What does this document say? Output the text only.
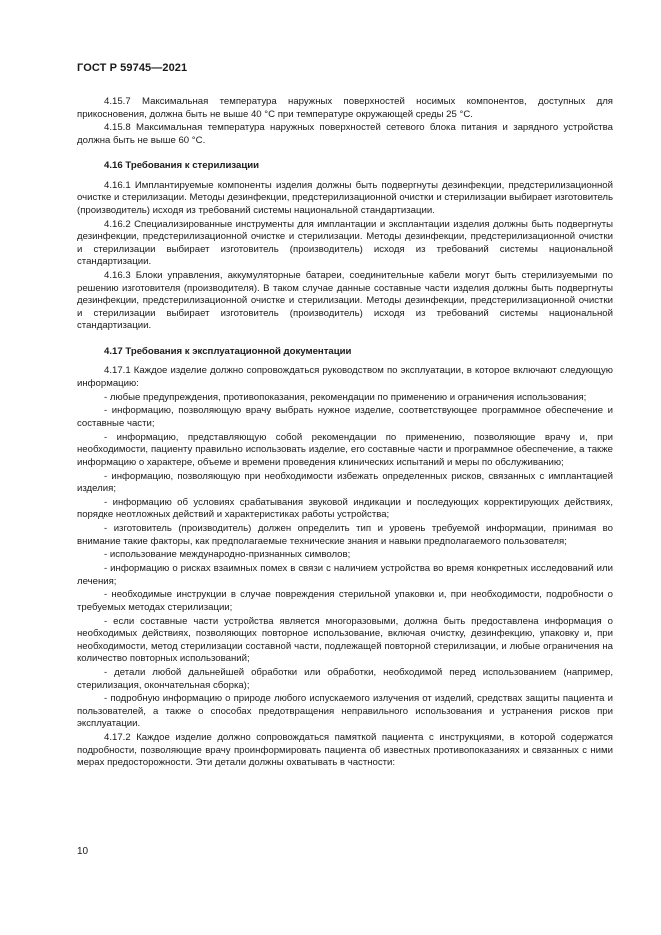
ГОСТ Р 59745—2021

4.15.7 Максимальная температура наружных поверхностей носимых компонентов, доступных для прикосновения, должна быть не выше 40 °С при температуре окружающей среды 25 °С.

4.15.8 Максимальная температура наружных поверхностей сетевого блока питания и зарядного устройства должна быть не выше 60 °С.

4.16 Требования к стерилизации

4.16.1 Имплантируемые компоненты изделия должны быть подвергнуты дезинфекции, предстерилизационной очистке и стерилизации. Методы дезинфекции, предстерилизационной очистки и стерилизации выбирает изготовитель (производитель) исходя из требований системы национальной стандартизации.

4.16.2 Специализированные инструменты для имплантации и эксплантации изделия должны быть подвергнуты дезинфекции, предстерилизационной очистке и стерилизации. Методы дезинфекции, предстерилизационной очистки и стерилизации выбирает изготовитель (производитель) исходя из требований системы национальной стандартизации.

4.16.3 Блоки управления, аккумуляторные батареи, соединительные кабели могут быть стерилизуемыми по решению изготовителя (производителя). В таком случае данные составные части изделия должны быть подвергнуты дезинфекции, предстерилизационной очистке и стерилизации. Методы дезинфекции, предстерилизационной очистки и стерилизации выбирает изготовитель (производитель) исходя из требований системы национальной стандартизации.

4.17 Требования к эксплуатационной документации

4.17.1 Каждое изделие должно сопровождаться руководством по эксплуатации, в которое включают следующую информацию:

- любые предупреждения, противопоказания, рекомендации по применению и ограничения использования;

- информацию, позволяющую врачу выбрать нужное изделие, соответствующее программное обеспечение и составные части;

- информацию, представляющую собой рекомендации по применению, позволяющие врачу и, при необходимости, пациенту правильно использовать изделие, его составные части и программное обеспечение, а также информацию о характере, объеме и времени проведения клинических испытаний и меры по обслуживанию;

- информацию, позволяющую при необходимости избежать определенных рисков, связанных с имплантацией изделия;

- информацию об условиях срабатывания звуковой индикации и последующих корректирующих действиях, порядке неотложных действий и характеристиках работы устройства;

- изготовитель (производитель) должен определить тип и уровень требуемой информации, принимая во внимание такие факторы, как предполагаемые технические знания и навыки предполагаемого пользователя;

- использование международно-признанных символов;

- информацию о рисках взаимных помех в связи с наличием устройства во время конкретных исследований или лечения;

- необходимые инструкции в случае повреждения стерильной упаковки и, при необходимости, подробности о требуемых методах стерилизации;

- если составные части устройства является многоразовыми, должна быть предоставлена информация о необходимых действиях, позволяющих повторное использование, включая очистку, дезинфекцию, упаковку и, при необходимости, метод стерилизации составной части, подлежащей повторной стерилизации, и любые ограничения на количество повторных использований;

- детали любой дальнейшей обработки или обработки, необходимой перед использованием (например, стерилизация, окончательная сборка);

- подробную информацию о природе любого испускаемого излучения от изделий, средствах защиты пациента и пользователей, а также о способах предотвращения неправильного использования и устранения рисков при эксплуатации.

4.17.2 Каждое изделие должно сопровождаться памяткой пациента с инструкциями, в которой содержатся подробности, позволяющие врачу проинформировать пациента об известных противопоказаниях и связанных с ними мерах предосторожности. Эти детали должны охватывать в частности:

10
